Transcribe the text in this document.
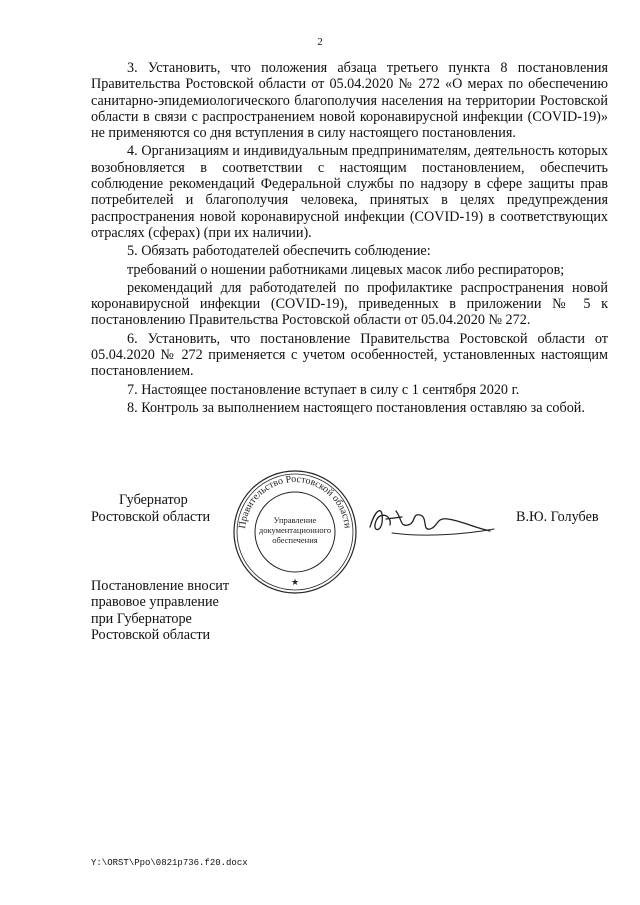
2

3. Установить, что положения абзаца третьего пункта 8 постановления Правительства Ростовской области от 05.04.2020 № 272 «О мерах по обеспечению санитарно-эпидемиологического благополучия населения на территории Ростовской области в связи с распространением новой коронавирусной инфекции (COVID-19)» не применяются со дня вступления в силу настоящего постановления.

4. Организациям и индивидуальным предпринимателям, деятельность которых возобновляется в соответствии с настоящим постановлением, обеспечить соблюдение рекомендаций Федеральной службы по надзору в сфере защиты прав потребителей и благополучия человека, принятых в целях предупреждения распространения новой коронавирусной инфекции (COVID-19) в соответствующих отраслях (сферах) (при их наличии).

5. Обязать работодателей обеспечить соблюдение:

требований о ношении работниками лицевых масок либо респираторов;

рекомендаций для работодателей по профилактике распространения новой коронавирусной инфекции (COVID-19), приведенных в приложении № 5 к постановлению Правительства Ростовской области от 05.04.2020 № 272.

6. Установить, что постановление Правительства Ростовской области от 05.04.2020 № 272 применяется с учетом особенностей, установленных настоящим постановлением.

7. Настоящее постановление вступает в силу с 1 сентября 2020 г.

8. Контроль за выполнением настоящего постановления оставляю за собой.

Губернатор
Ростовской области	Правительство Ростовской области
Управление
документационного
обеспечения
★
В.Ю. Голубев
Постановление вносит
правовое управление
при Губернаторе
Ростовской области
Y:\ORST\Ppo\0821p736.f20.docx
